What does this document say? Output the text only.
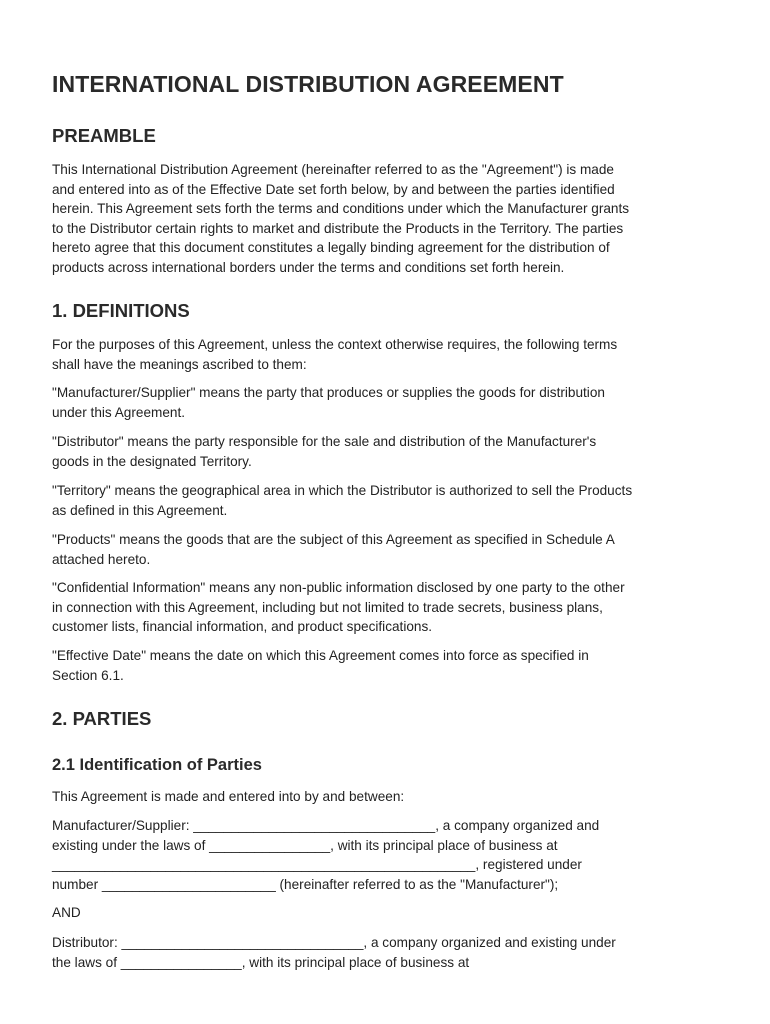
INTERNATIONAL DISTRIBUTION AGREEMENT
PREAMBLE

This International Distribution Agreement (hereinafter referred to as the "Agreement") is made
and entered into as of the Effective Date set forth below, by and between the parties identified
herein. This Agreement sets forth the terms and conditions under which the Manufacturer grants
to the Distributor certain rights to market and distribute the Products in the Territory. The parties
hereto agree that this document constitutes a legally binding agreement for the distribution of
products across international borders under the terms and conditions set forth herein.

1. DEFINITIONS

For the purposes of this Agreement, unless the context otherwise requires, the following terms
shall have the meanings ascribed to them:

"Manufacturer/Supplier" means the party that produces or supplies the goods for distribution
under this Agreement.

"Distributor" means the party responsible for the sale and distribution of the Manufacturer's
goods in the designated Territory.

"Territory" means the geographical area in which the Distributor is authorized to sell the Products
as defined in this Agreement.

"Products" means the goods that are the subject of this Agreement as specified in Schedule A
attached hereto.

"Confidential Information" means any non-public information disclosed by one party to the other
in connection with this Agreement, including but not limited to trade secrets, business plans,
customer lists, financial information, and product specifications.

"Effective Date" means the date on which this Agreement comes into force as specified in
Section 6.1.

2. PARTIES
2.1 Identification of Parties

This Agreement is made and entered into by and between:

Manufacturer/Supplier: ________________________________, a company organized and
existing under the laws of ________________, with its principal place of business at
________________________________________________________, registered under
number _______________________ (hereinafter referred to as the "Manufacturer");

AND

Distributor: ________________________________, a company organized and existing under
the laws of ________________, with its principal place of business at
